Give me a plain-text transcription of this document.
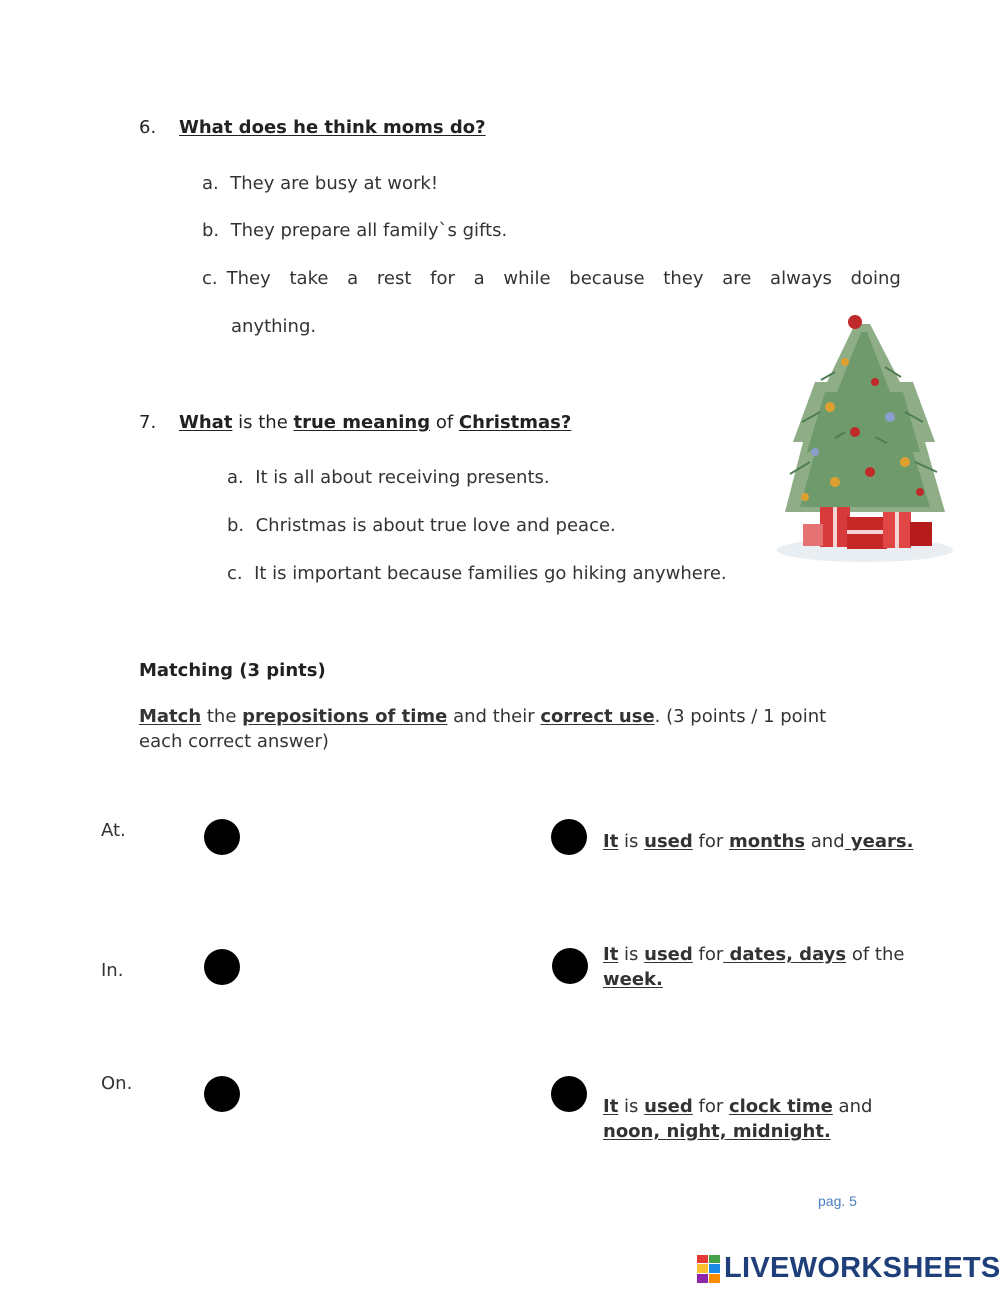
6. What does he think moms do?
a. They are busy at work!
b. They prepare all family`s gifts.
c. They take a rest for a while because they are always doing
anything.
7. What is the true meaning of Christmas?
a. It is all about receiving presents.
b. Christmas is about true love and peace.
c. It is important because families go hiking anywhere.
Matching (3 pints)
Match the prepositions of time and their correct use. (3 points / 1 point
each correct answer)
At.
In.
On.
It is used for months and years.
It is used for dates, days of the
week.
It is used for clock time and
noon, night, midnight.
pag. 5
LIVEWORKSHEETS
